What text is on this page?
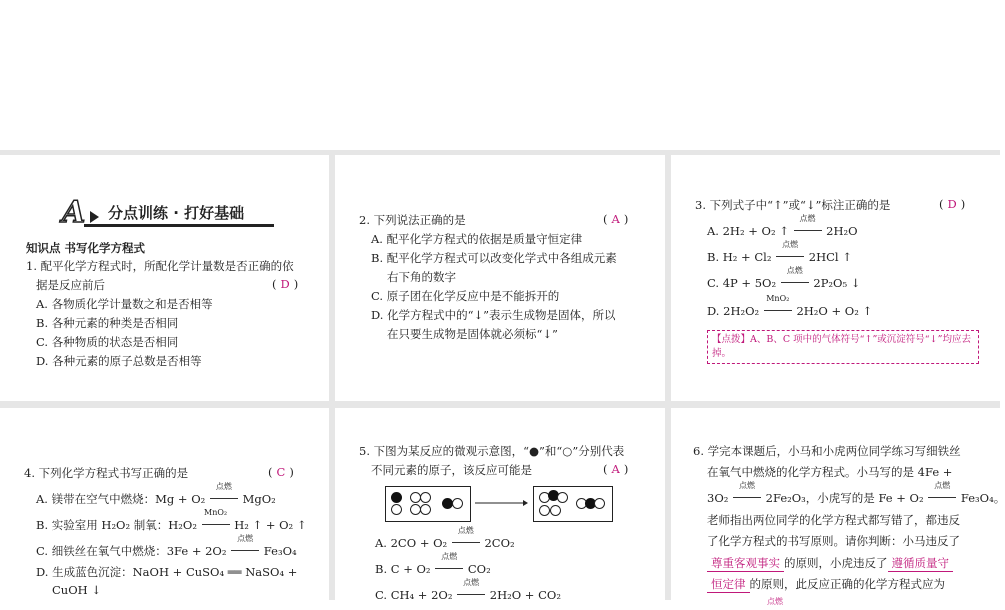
A 分点训练 · 打好基础
知识点 书写化学方程式
1. 配平化学方程式时，所配化学计量数是否正确的依
据是反应前后	( D )
A. 各物质化学计量数之和是否相等
B. 各种元素的种类是否相同
C. 各种物质的状态是否相同
D. 各种元素的原子总数是否相等
2. 下列说法正确的是	( A )
A. 配平化学方程式的依据是质量守恒定律
B. 配平化学方程式可以改变化学式中各组成元素
右下角的数字
C. 原子团在化学反应中是不能拆开的
D. 化学方程式中的“↓”表示生成物是固体，所以
在只要生成物是固体就必须标“↓”
3. 下列式子中“↑”或“↓”标注正确的是	( D )
A. 2H₂ + O₂ ↑
点燃
2H₂O
B. H₂ + Cl₂
点燃
2HCl ↑
C. 4P + 5O₂
点燃
2P₂O₅ ↓
D. 2H₂O₂
MnO₂
2H₂O + O₂ ↑
【点拨】A、B、C 项中的气体符号“↑”或沉淀符号“↓”均应去掉。
4. 下列化学方程式书写正确的是	( C )
A. 镁带在空气中燃烧：Mg + O₂
点燃
MgO₂
B. 实验室用 H₂O₂ 制氧：H₂O₂
MnO₂
H₂ ↑ + O₂ ↑
C. 细铁丝在氧气中燃烧：3Fe + 2O₂
点燃
Fe₃O₄
D. 生成蓝色沉淀：NaOH + CuSO₄ ══ NaSO₄ +
CuOH ↓
5. 下图为某反应的微观示意图，“●”和“○”分别代表
不同元素的原子，该反应可能是	( A )
A. 2CO + O₂
点燃
2CO₂
B. C + O₂
点燃
CO₂
C. CH₄ + 2O₂
点燃
2H₂O + CO₂
6. 学完本课题后，小马和小虎两位同学练习写细铁丝
在氧气中燃烧的化学方程式。小马写的是 4Fe +
3O₂
点燃
2Fe₂O₃，小虎写的是 Fe + O₂
点燃
Fe₃O₄。
老师指出两位同学的化学方程式都写错了，都违反
了化学方程式的书写原则。请你判断：小马违反了
尊重客观事实 的原则，小虎违反了 遵循质量守
恒定律 的原则，此反应正确的化学方程式应为
点燃
